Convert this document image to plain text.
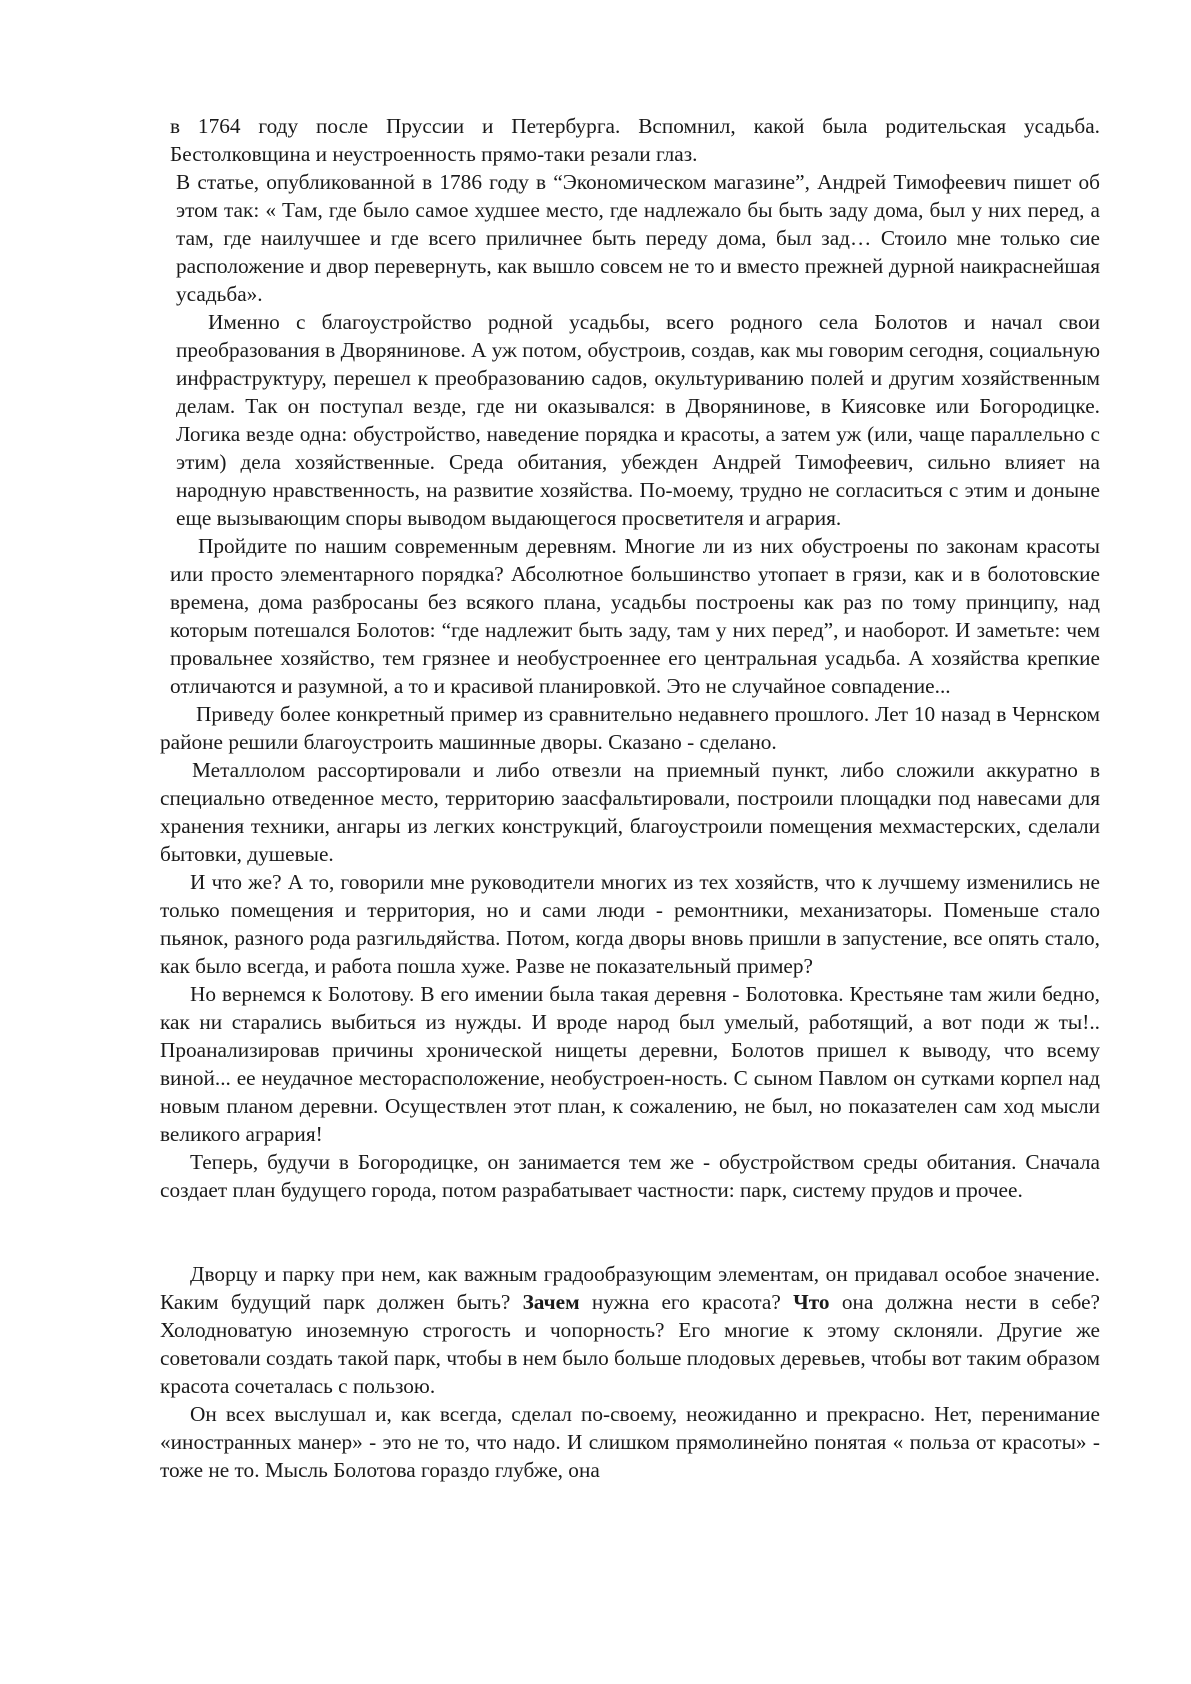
в 1764 году после Пруссии и Петербурга. Вспомнил, какой была родительская усадьба. Бестолковщина и неустроенность прямо-таки резали глаз.

В статье, опубликованной в 1786 году в “Экономическом магазине”, Андрей Тимофеевич пишет об этом так: « Там, где было самое худшее место, где надлежало бы быть заду дома, был у них перед, а там, где наилучшее и где всего приличнее быть переду дома, был зад… Стоило мне только сие расположение и двор перевернуть, как вышло совсем не то и вместо прежней дурной наикраснейшая усадьба».

Именно с благоустройство родной усадьбы, всего родного села Болотов и начал свои преобразования в Дворянинове. А уж потом, обустроив, создав, как мы говорим сегодня, социальную инфраструктуру, перешел к преобразованию садов, окультуриванию полей и другим хозяйственным делам. Так он поступал везде, где ни оказывался: в Дворянинове, в Киясовке или Богородицке. Логика везде одна: обустройство, наведение порядка и красоты, а затем уж (или, чаще параллельно с этим) дела хозяйственные. Среда обитания, убежден Андрей Тимофеевич, сильно влияет на народную нравственность, на развитие хозяйства. По-моему, трудно не согласиться с этим и доныне еще вызывающим споры выводом выдающегося просветителя и агрария.

Пройдите по нашим современным деревням. Многие ли из них обустроены по законам красоты или просто элементарного порядка? Абсолютное большинство утопает в грязи, как и в болотовские времена, дома разбросаны без всякого плана, усадьбы построены как раз по тому принципу, над которым потешался Болотов: “где надлежит быть заду, там у них перед”, и наоборот. И заметьте: чем провальнее хозяйство, тем грязнее и необустроеннее его центральная усадьба. А хозяйства крепкие отличаются и разумной, а то и красивой планировкой. Это не случайное совпадение...

Приведу более конкретный пример из сравнительно недавнего прошлого. Лет 10 назад в Чернском районе решили благоустроить машинные дворы. Сказано - сделано.

Металлолом рассортировали и либо отвезли на приемный пункт, либо сложили аккуратно в специально отведенное место, территорию заасфальтировали, построили площадки под навесами для хранения техники, ангары из легких конструкций, благоустроили помещения мехмастерских, сделали бытовки, душевые.

И что же? А то, говорили мне руководители многих из тех хозяйств, что к лучшему изменились не только помещения и территория, но и сами люди - ремонтники, механизаторы. Поменьше стало пьянок, разного рода разгильдяйства. Потом, когда дворы вновь пришли в запустение, все опять стало, как было всегда, и работа пошла хуже. Разве не показательный пример?

Но вернемся к Болотову. В его имении была такая деревня - Болотовка. Крестьяне там жили бедно, как ни старались выбиться из нужды. И вроде народ был умелый, работящий, а вот поди ж ты!.. Проанализировав причины хронической нищеты деревни, Болотов пришел к выводу, что всему виной... ее неудачное месторасположение, необустроен-ность. С сыном Павлом он сутками корпел над новым планом деревни. Осуществлен этот план, к сожалению, не был, но показателен сам ход мысли великого агрария!

Теперь, будучи в Богородицке, он занимается тем же - обустройством среды обитания. Сначала создает план будущего города, потом разрабатывает частности: парк, систему прудов и прочее.

Дворцу и парку при нем, как важным градообразующим элементам, он придавал особое значение. Каким будущий парк должен быть? Зачем нужна его красота? Что она должна нести в себе? Холодноватую иноземную строгость и чопорность? Его многие к этому склоняли. Другие же советовали создать такой парк, чтобы в нем было больше плодовых деревьев, чтобы вот таким образом красота сочеталась с пользою.

Он всех выслушал и, как всегда, сделал по-своему, неожиданно и прекрасно. Нет, перенимание «иностранных манер» - это не то, что надо. И слишком прямолинейно понятая « польза от красоты» - тоже не то. Мысль Болотова гораздо глубже, она
